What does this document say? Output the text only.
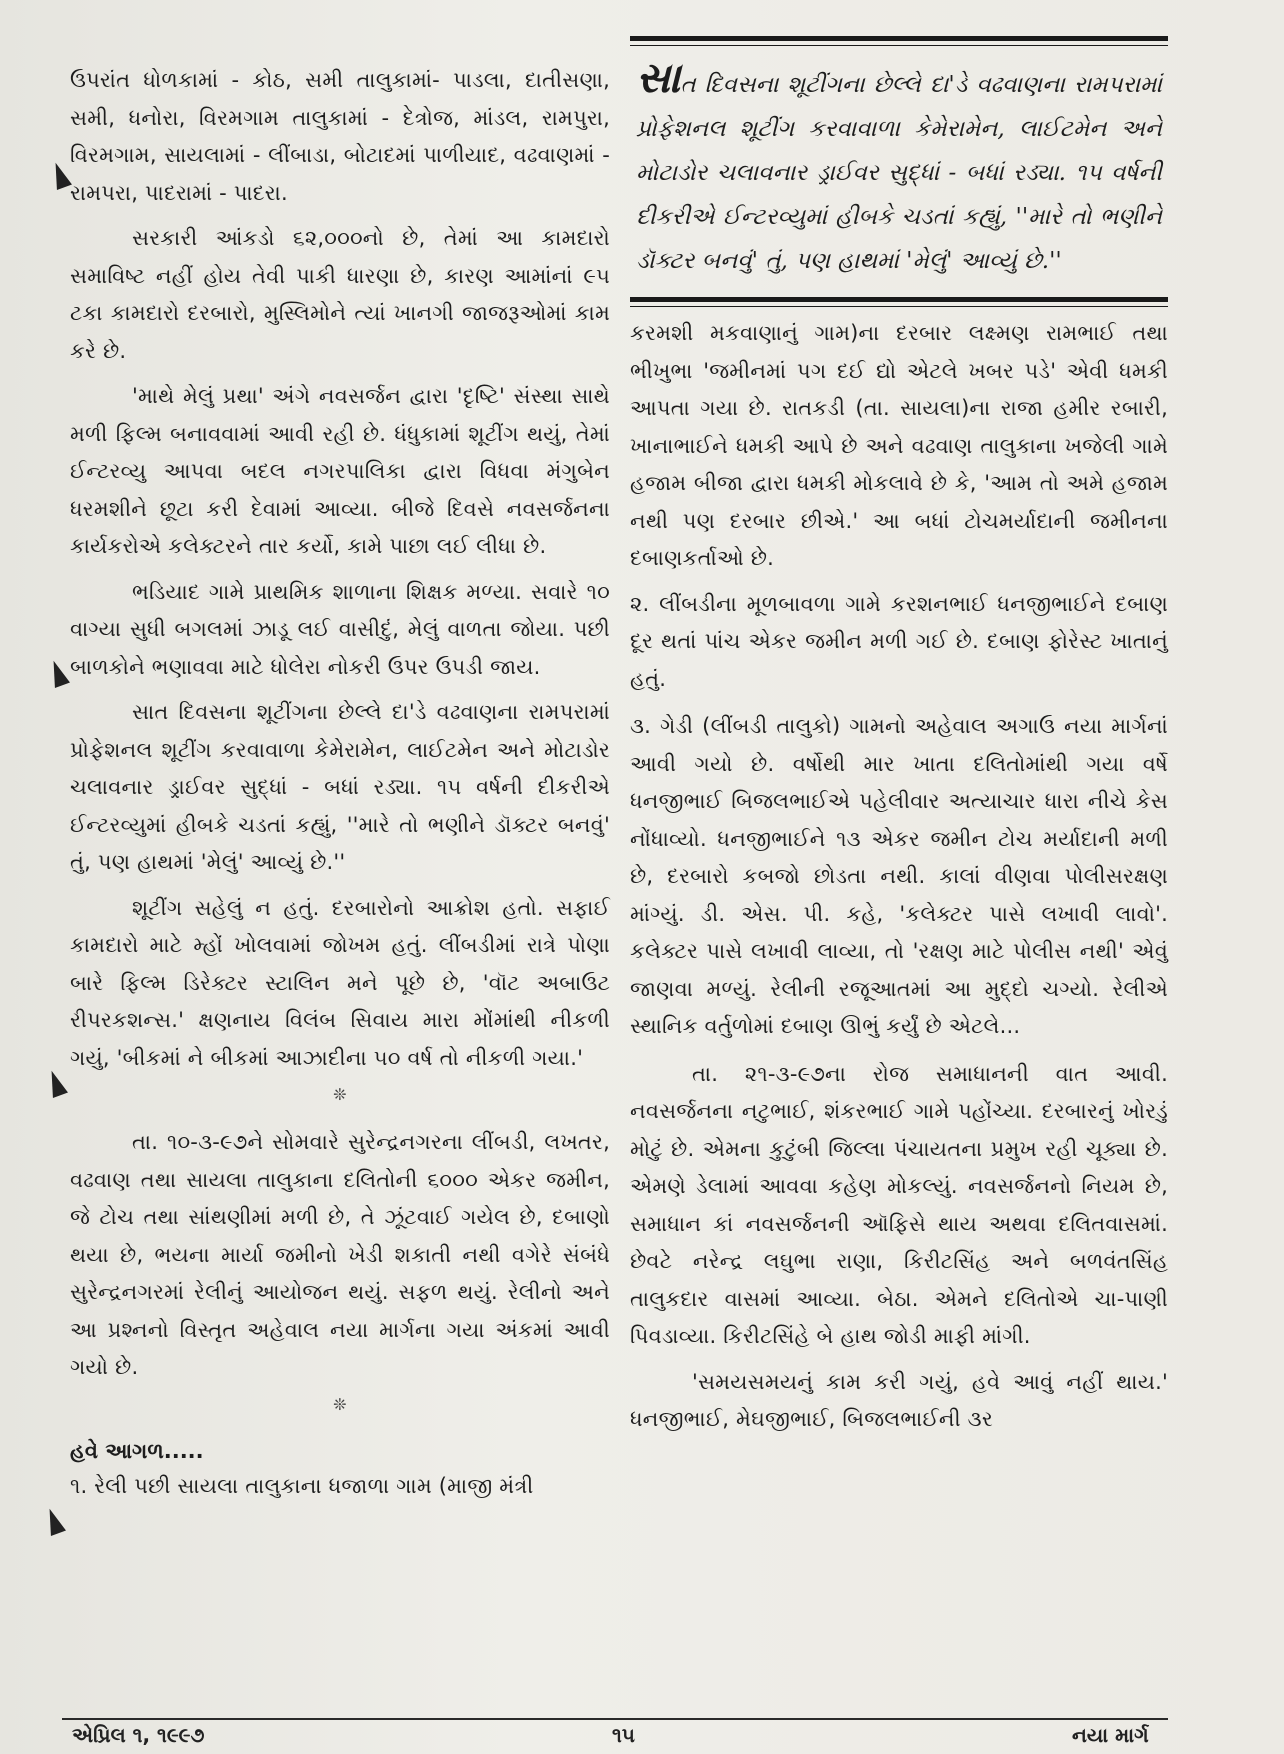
ઉપરાંત ધોળકામાં - કોઠ, સમી તાલુકામાં- પાડલા, દાતીસણા, સમી, ધનોરા, વિરમગામ તાલુકામાં - દેત્રોજ, માંડલ, રામપુરા, વિરમગામ, સાયલામાં - લીંબાડા, બોટાદમાં પાળીયાદ, વઢવાણમાં - રામપરા, પાદરામાં - પાદરા.

સરકારી આંકડો ૬૨,૦૦૦નો છે, તેમાં આ કામદારો સમાવિષ્ટ નહીં હોય તેવી પાકી ધારણા છે, કારણ આમાંનાં ૯૫ ટકા કામદારો દરબારો, મુસ્લિમોને ત્યાં ખાનગી જાજરૂઓમાં કામ કરે છે.

'માથે મેલું પ્રથા' અંગે નવસર્જન દ્વારા 'દૃષ્ટિ' સંસ્થા સાથે મળી ફિલ્મ બનાવવામાં આવી રહી છે. ધંધુકામાં શૂટીંગ થયું, તેમાં ઈન્ટરવ્યુ આપવા બદલ નગરપાલિકા દ્વારા વિધવા મંગુબેન ધરમશીને છૂટા કરી દેવામાં આવ્યા. બીજે દિવસે નવસર્જનના કાર્યકરોએ કલેક્ટરને તાર કર્યો, કામે પાછા લઈ લીધા છે.

ભડિયાદ ગામે પ્રાથમિક શાળાના શિક્ષક મળ્યા. સવારે ૧૦ વાગ્યા સુધી બગલમાં ઝાડૂ લઈ વાસીદું, મેલું વાળતા જોયા. પછી બાળકોને ભણાવવા માટે ધોલેરા નોકરી ઉપર ઉપડી જાય.

સાત દિવસના શૂટીંગના છેલ્લે દા'ડે વઢવાણના રામપરામાં પ્રોફેશનલ શૂટીંગ કરવાવાળા કેમેરામેન, લાઈટમેન અને મોટાડોર ચલાવનાર ડ્રાઈવર સુદ્ધાં - બધાં રડ્યા. ૧૫ વર્ષની દીકરીએ ઈન્ટરવ્યુમાં હીબકે ચડતાં કહ્યું, ''મારે તો ભણીને ડૉક્ટર બનવું' તું, પણ હાથમાં 'મેલું' આવ્યું છે.''

શૂટીંગ સહેલું ન હતું. દરબારોનો આક્રોશ હતો. સફાઈ કામદારો માટે મ્હોં ખોલવામાં જોખમ હતું. લીંબડીમાં રાત્રે પોણા બારે ફિલ્મ ડિરેક્ટર સ્ટાલિન મને પૂછે છે, 'વૉટ અબાઉટ રીપરકશન્સ.' ક્ષણનાય વિલંબ સિવાય મારા મોંમાંથી નીકળી ગયું, 'બીકમાં ને બીકમાં આઝાદીના ૫૦ વર્ષ તો નીકળી ગયા.'

❊

તા. ૧૦-૩-૯૭ને સોમવારે સુરેન્દ્રનગરના લીંબડી, લખતર, વઢવાણ તથા સાયલા તાલુકાના દલિતોની ૬૦૦૦ એકર જમીન, જે ટોચ તથા સાંથણીમાં મળી છે, તે ઝૂંટવાઈ ગયેલ છે, દબાણો થયા છે, ભયના માર્યા જમીનો ખેડી શકાતી નથી વગેરે સંબંધે સુરેન્દ્રનગરમાં રેલીનું આયોજન થયું. સફળ થયું. રેલીનો અને આ પ્રશ્નનો વિસ્તૃત અહેવાલ નયા માર્ગના ગયા અંકમાં આવી ગયો છે.

❊
હવે આગળ.....

૧. રેલી પછી સાયલા તાલુકાના ધજાળા ગામ (માજી મંત્રી

સાત દિવસના શૂટીંગના છેલ્લે દા'ડે વઢવાણના રામપરામાં પ્રોફેશનલ શૂટીંગ કરવાવાળા કેમેરામેન, લાઈટમેન અને મોટાડોર ચલાવનાર ડ્રાઈવર સુદ્ધાં - બધાં રડ્યા. ૧૫ વર્ષની દીકરીએ ઈન્ટરવ્યુમાં હીબકે ચડતાં કહ્યું, ''મારે તો ભણીને ડૉક્ટર બનવું' તું, પણ હાથમાં 'મેલું' આવ્યું છે.''

કરમશી મકવાણાનું ગામ)ના દરબાર લક્ષ્મણ રામભાઈ તથા ભીખુભા 'જમીનમાં પગ દઈ દ્યો એટલે ખબર પડે' એવી ધમકી આપતા ગયા છે. રાતકડી (તા. સાયલા)ના રાજા હમીર રબારી, ખાનાભાઈને ધમકી આપે છે અને વઢવાણ તાલુકાના ખજેલી ગામે હજામ બીજા દ્વારા ધમકી મોકલાવે છે કે, 'આમ તો અમે હજામ નથી પણ દરબાર છીએ.' આ બધાં ટોચમર્યાદાની જમીનના દબાણકર્તાઓ છે.

૨. લીંબડીના મૂળબાવળા ગામે કરશનભાઈ ધનજીભાઈને દબાણ દૂર થતાં પાંચ એકર જમીન મળી ગઈ છે. દબાણ ફોરેસ્ટ ખાતાનું હતું.

૩. ગેડી (લીંબડી તાલુકો) ગામનો અહેવાલ અગાઉ નયા માર્ગનાં આવી ગયો છે. વર્ષોથી માર ખાતા દલિતોમાંથી ગયા વર્ષે ધનજીભાઈ બિજલભાઈએ પહેલીવાર અત્યાચાર ધારા નીચે કેસ નોંધાવ્યો. ધનજીભાઈને ૧૩ એકર જમીન ટોચ મર્યાદાની મળી છે, દરબારો કબજો છોડતા નથી. કાલાં વીણવા પોલીસરક્ષણ માંગ્યું. ડી. એસ. પી. કહે, 'કલેક્ટર પાસે લખાવી લાવો'. કલેક્ટર પાસે લખાવી લાવ્યા, તો 'રક્ષણ માટે પોલીસ નથી' એવું જાણવા મળ્યું. રેલીની રજૂઆતમાં આ મુદ્દો ચગ્યો. રેલીએ સ્થાનિક વર્તુળોમાં દબાણ ઊભું કર્યું છે એટલે...

તા. ૨૧-૩-૯૭ના રોજ સમાધાનની વાત આવી. નવસર્જનના નટુભાઈ, શંકરભાઈ ગામે પહોંચ્યા. દરબારનું ખોરડું મોટું છે. એમના કુટુંબી જિલ્લા પંચાયતના પ્રમુખ રહી ચૂક્યા છે. એમણે ડેલામાં આવવા કહેણ મોકલ્યું. નવસર્જનનો નિયમ છે, સમાધાન કાં નવસર્જનની ઑફિસે થાય અથવા દલિતવાસમાં. છેવટે નરેન્દ્ર લઘુભા રાણા, કિરીટસિંહ અને બળવંતસિંહ તાલુકદાર વાસમાં આવ્યા. બેઠા. એમને દલિતોએ ચા-પાણી પિવડાવ્યા. કિરીટસિંહે બે હાથ જોડી માફી માંગી.

'સમયસમયનું કામ કરી ગયું, હવે આવું નહીં થાય.' ધનજીભાઈ, મેઘજીભાઈ, બિજલભાઈની ૩ર

એપ્રિલ ૧, ૧૯૯૭	૧૫	નયા માર્ગ
